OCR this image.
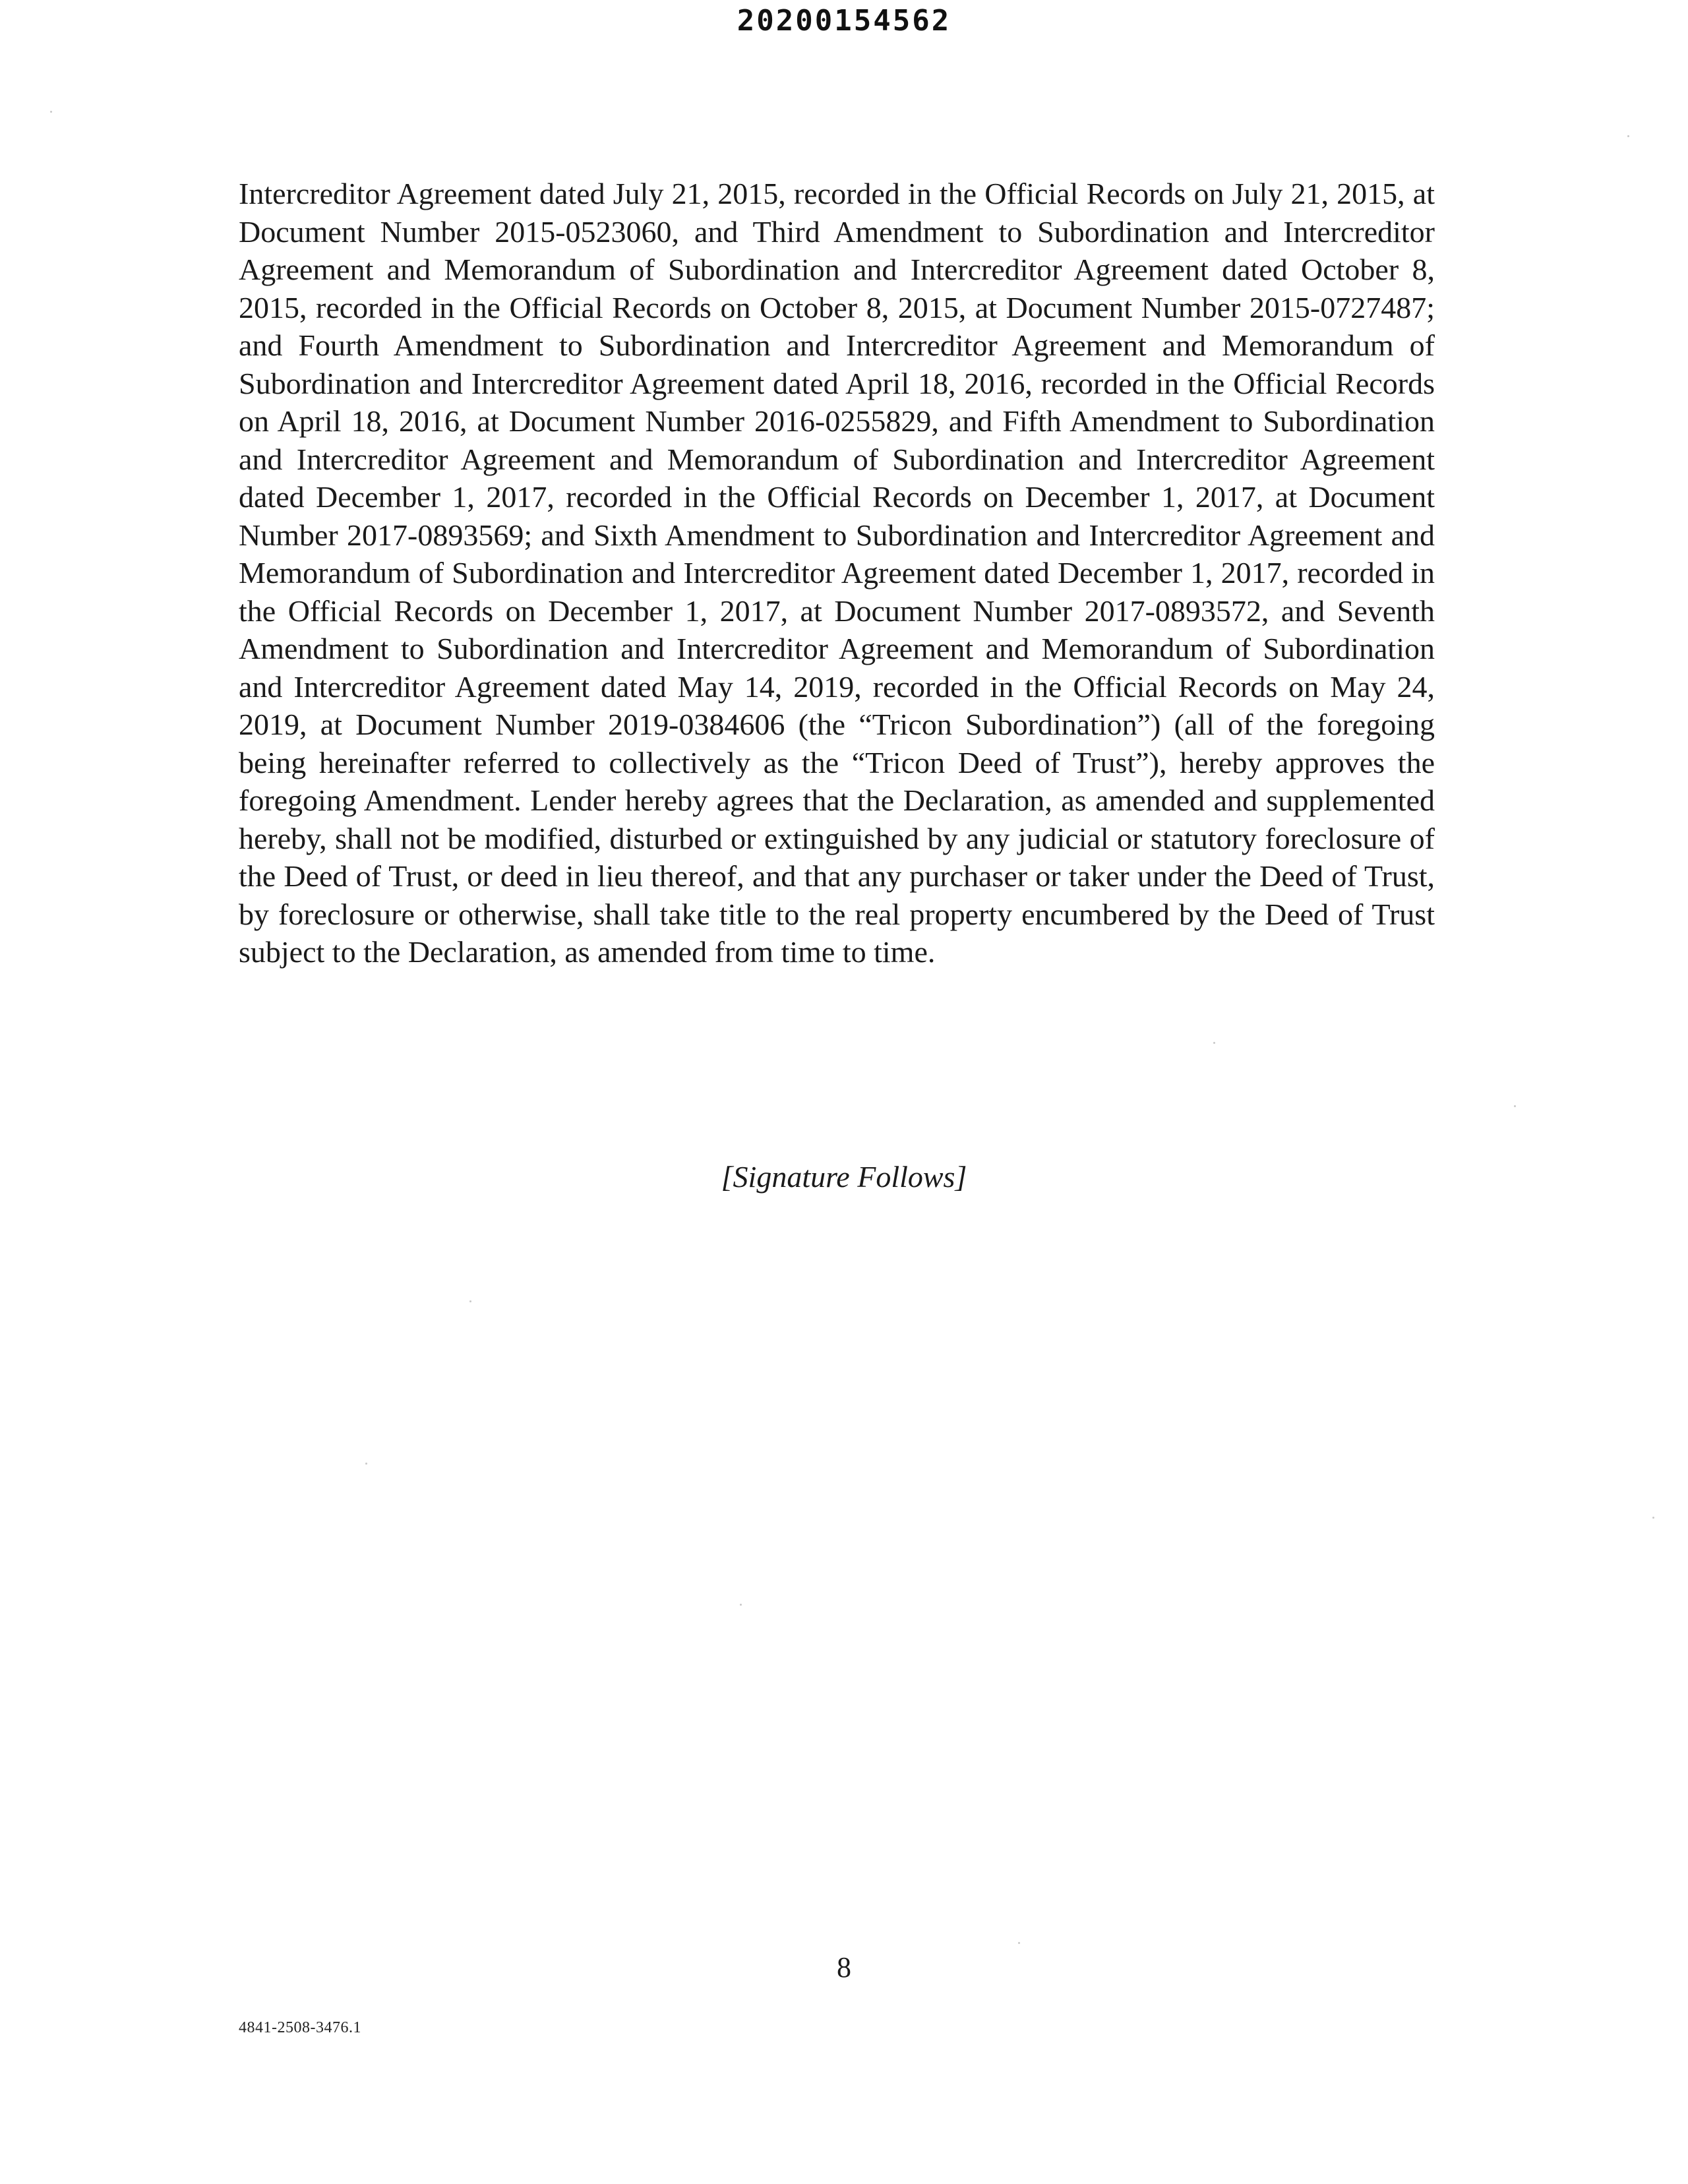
20200154562

Intercreditor Agreement dated July 21, 2015, recorded in the Official Records on July 21, 2015, at Document Number 2015-0523060, and Third Amendment to Subordination and Intercreditor Agreement and Memorandum of Subordination and Intercreditor Agreement dated October 8, 2015, recorded in the Official Records on October 8, 2015, at Document Number 2015-0727487; and Fourth Amendment to Subordination and Intercreditor Agreement and Memorandum of Subordination and Intercreditor Agreement dated April 18, 2016, recorded in the Official Records on April 18, 2016, at Document Number 2016-0255829, and Fifth Amendment to Subordination and Intercreditor Agreement and Memorandum of Subordination and Intercreditor Agreement dated December 1, 2017, recorded in the Official Records on December 1, 2017, at Document Number 2017-0893569; and Sixth Amendment to Subordination and Intercreditor Agreement and Memorandum of Subordination and Intercreditor Agreement dated December 1, 2017, recorded in the Official Records on December 1, 2017, at Document Number 2017-0893572, and Seventh Amendment to Subordination and Intercreditor Agreement and Memorandum of Subordination and Intercreditor Agreement dated May 14, 2019, recorded in the Official Records on May 24, 2019, at Document Number 2019-0384606 (the “Tricon Subordination”) (all of the foregoing being hereinafter referred to collectively as the “Tricon Deed of Trust”), hereby approves the foregoing Amendment. Lender hereby agrees that the Declaration, as amended and supplemented hereby, shall not be modified, disturbed or extinguished by any judicial or statutory foreclosure of the Deed of Trust, or deed in lieu thereof, and that any purchaser or taker under the Deed of Trust, by foreclosure or otherwise, shall take title to the real property encumbered by the Deed of Trust subject to the Declaration, as amended from time to time.

[Signature Follows]
8
4841-2508-3476.1
